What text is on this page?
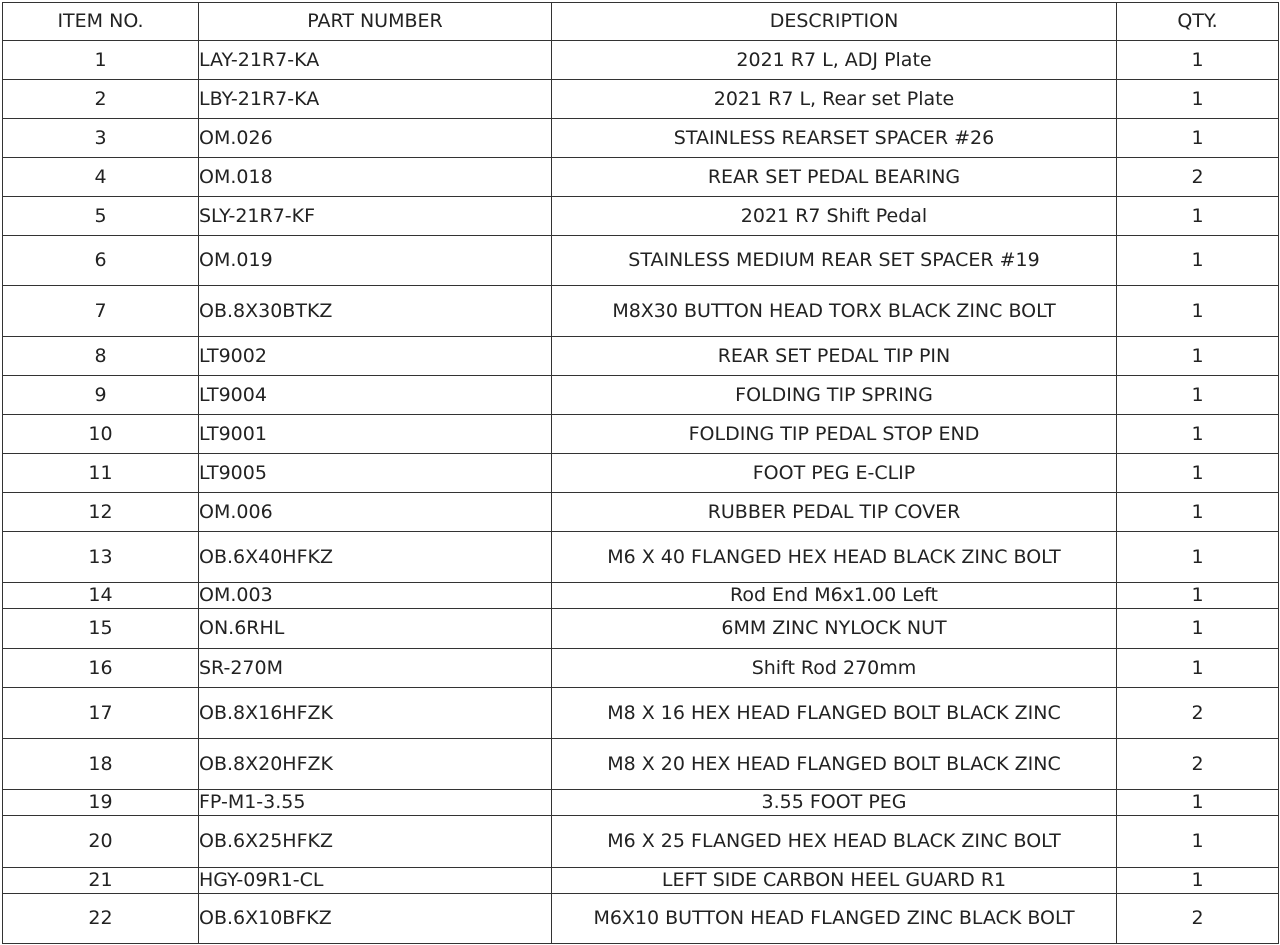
ITEM NO.	PART NUMBER	DESCRIPTION	QTY.
1	LAY-21R7-KA	2021 R7 L, ADJ Plate	1
2	LBY-21R7-KA	2021 R7 L, Rear set Plate	1
3	OM.026	STAINLESS REARSET SPACER #26	1
4	OM.018	REAR SET PEDAL BEARING	2
5	SLY-21R7-KF	2021 R7 Shift Pedal	1
6	OM.019	STAINLESS MEDIUM REAR SET SPACER #19	1
7	OB.8X30BTKZ	M8X30 BUTTON HEAD TORX BLACK ZINC BOLT	1
8	LT9002	REAR SET PEDAL TIP PIN	1
9	LT9004	FOLDING TIP SPRING	1
10	LT9001	FOLDING TIP PEDAL STOP END	1
11	LT9005	FOOT PEG E-CLIP	1
12	OM.006	RUBBER PEDAL TIP COVER	1
13	OB.6X40HFKZ	M6 X 40 FLANGED HEX HEAD BLACK ZINC BOLT	1
14	OM.003	Rod End M6x1.00 Left	1
15	ON.6RHL	6MM ZINC NYLOCK NUT	1
16	SR-270M	Shift Rod 270mm	1
17	OB.8X16HFZK	M8 X 16 HEX HEAD FLANGED BOLT BLACK ZINC	2
18	OB.8X20HFZK	M8 X 20 HEX HEAD FLANGED BOLT BLACK ZINC	2
19	FP-M1-3.55	3.55 FOOT PEG	1
20	OB.6X25HFKZ	M6 X 25 FLANGED HEX HEAD BLACK ZINC BOLT	1
21	HGY-09R1-CL	LEFT SIDE CARBON HEEL GUARD R1	1
22	OB.6X10BFKZ	M6X10 BUTTON HEAD FLANGED ZINC BLACK BOLT	2
